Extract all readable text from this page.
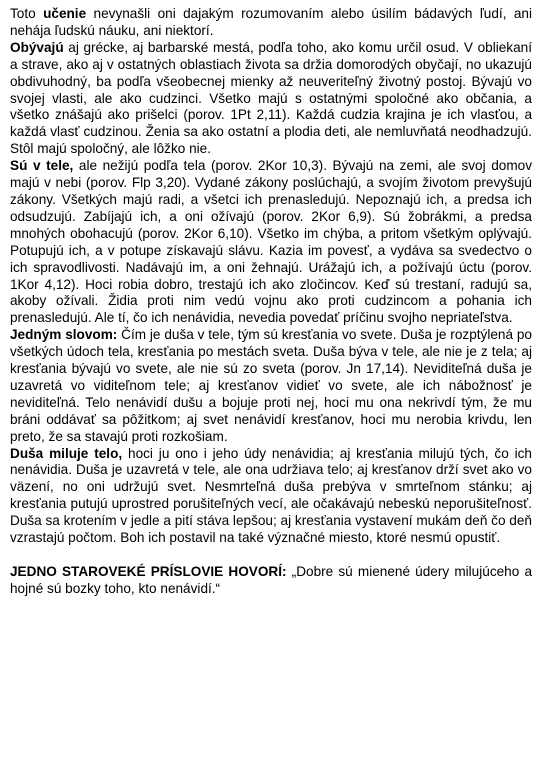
Toto učenie nevynašli oni dajakým rozumovaním alebo úsilím bádavých ľudí, ani nehája ľudskú náuku, ani niektorí.

Obývajú aj grécke, aj barbarské mestá, podľa toho, ako komu určil osud. V obliekaní a strave, ako aj v ostatných oblastiach života sa držia domorodých obyčají, no ukazujú obdivuhodný, ba podľa všeobecnej mienky až neuveriteľný životný postoj. Bývajú vo svojej vlasti, ale ako cudzinci. Všetko majú s ostatnými spoločné ako občania, a všetko znášajú ako prišelci (porov. 1Pt 2,11). Každá cudzia krajina je ich vlasťou, a každá vlasť cudzinou. Ženia sa ako ostatní a plodia deti, ale nemluvňatá neodhadzujú. Stôl majú spoločný, ale lôžko nie.

Sú v tele, ale nežijú podľa tela (porov. 2Kor 10,3). Bývajú na zemi, ale svoj domov majú v nebi (porov. Flp 3,20). Vydané zákony poslúchajú, a svojím životom prevyšujú zákony. Všetkých majú radi, a všetci ich prenasledujú. Nepoznajú ich, a predsa ich odsudzujú. Zabíjajú ich, a oni ožívajú (porov. 2Kor 6,9). Sú žobrákmi, a predsa mnohých obohacujú (porov. 2Kor 6,10). Všetko im chýba, a pritom všetkým oplývajú. Potupujú ich, a v potupe získavajú slávu. Kazia im povesť, a vydáva sa svedectvo o ich spravodlivosti. Nadávajú im, a oni žehnajú. Urážajú ich, a požívajú úctu (porov. 1Kor 4,12). Hoci robia dobro, trestajú ich ako zločincov. Keď sú trestaní, radujú sa, akoby ožívali. Židia proti nim vedú vojnu ako proti cudzincom a pohania ich prenasledujú. Ale tí, čo ich nenávidia, nevedia povedať príčinu svojho nepriateľstva.

Jedným slovom: Čím je duša v tele, tým sú kresťania vo svete. Duša je rozptýlená po všetkých údoch tela, kresťania po mestách sveta. Duša býva v tele, ale nie je z tela; aj kresťania bývajú vo svete, ale nie sú zo sveta (porov. Jn 17,14). Neviditeľná duša je uzavretá vo viditeľnom tele; aj kresťanov vidieť vo svete, ale ich nábožnosť je neviditeľná. Telo nenávidí dušu a bojuje proti nej, hoci mu ona nekrivdí tým, že mu bráni oddávať sa pôžitkom; aj svet nenávidí kresťanov, hoci mu nerobia krivdu, len preto, že sa stavajú proti rozkošiam.

Duša miluje telo, hoci ju ono i jeho údy nenávidia; aj kresťania milujú tých, čo ich nenávidia. Duša je uzavretá v tele, ale ona udržiava telo; aj kresťanov drží svet ako vo väzení, no oni udržujú svet. Nesmrteľná duša prebýva v smrteľnom stánku; aj kresťania putujú uprostred porušiteľných vecí, ale očakávajú nebeskú neporušiteľnosť. Duša sa krotením v jedle a pití stáva lepšou; aj kresťania vystavení mukám deň čo deň vzrastajú počtom. Boh ich postavil na také význačné miesto, ktoré nesmú opustiť.

JEDNO STAROVEKÉ PRÍSLOVIE HOVORÍ: „Dobre sú mienené údery milujúceho a hojné sú bozky toho, kto nenávidí.“
